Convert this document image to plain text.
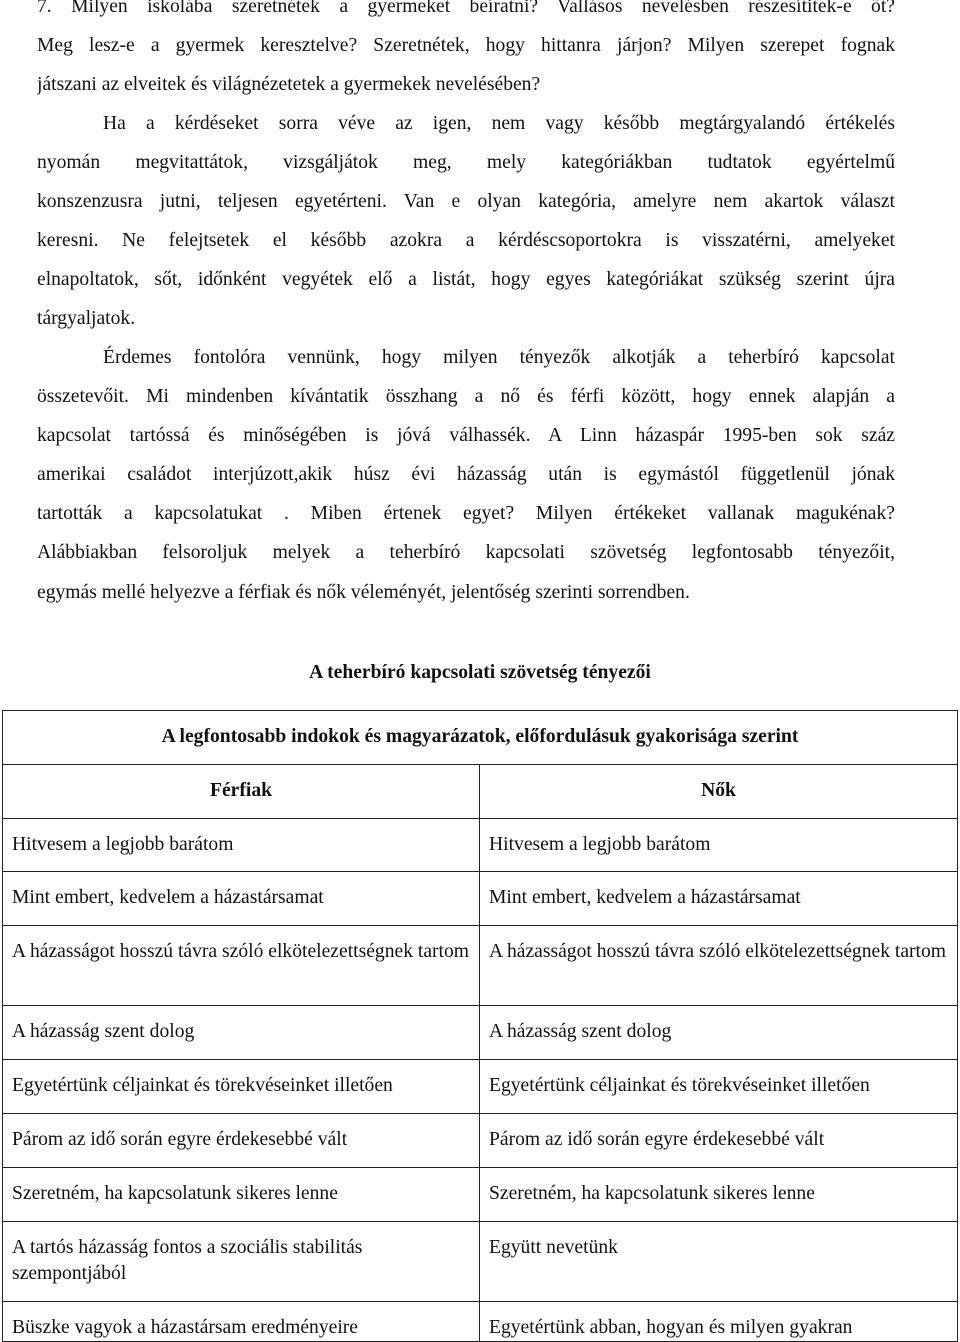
7. Milyen iskolába szeretnétek a gyermeket beíratni? Vallásos nevelésben részesítitek-e őt?
Meg lesz-e a gyermek keresztelve? Szeretnétek, hogy hittanra járjon? Milyen szerepet fognak
játszani az elveitek és világnézetetek a gyermekek nevelésében?
Ha a kérdéseket sorra véve az igen, nem vagy később megtárgyalandó értékelés
nyomán megvitattátok, vizsgáljátok meg, mely kategóriákban tudtatok egyértelmű
konszenzusra jutni, teljesen egyetérteni. Van e olyan kategória, amelyre nem akartok választ
keresni. Ne felejtsetek el később azokra a kérdéscsoportokra is visszatérni, amelyeket
elnapoltatok, sőt, időnként vegyétek elő a listát, hogy egyes kategóriákat szükség szerint újra
tárgyaljatok.
Érdemes fontolóra vennünk, hogy milyen tényezők alkotják a teherbíró kapcsolat
összetevőit. Mi mindenben kívántatik összhang a nő és férfi között, hogy ennek alapján a
kapcsolat tartóssá és minőségében is jóvá válhassék. A Linn házaspár 1995-ben sok száz
amerikai családot interjúzott,akik húsz évi házasság után is egymástól függetlenül jónak
tartották a kapcsolatukat . Miben értenek egyet? Milyen értékeket vallanak magukénak?
Alábbiakban felsoroljuk melyek a teherbíró kapcsolati szövetség legfontosabb tényezőit,
egymás mellé helyezve a férfiak és nők véleményét, jelentőség szerinti sorrendben.
A teherbíró kapcsolati szövetség tényezői
A legfontosabb indokok és magyarázatok, előfordulásuk gyakorisága szerint	
Férfiak	Nők
Hitvesem a legjobb barátom	Hitvesem a legjobb barátom
Mint embert, kedvelem a házastársamat	Mint embert, kedvelem a házastársamat
A házasságot hosszú távra szóló elkötelezettségnek tartom	A házasságot hosszú távra szóló elkötelezettségnek tartom
A házasság szent dolog	A házasság szent dolog
Egyetértünk céljainkat és törekvéseinket illetően	Egyetértünk céljainkat és törekvéseinket illetően
Párom az idő során egyre érdekesebbé vált	Párom az idő során egyre érdekesebbé vált
Szeretném, ha kapcsolatunk sikeres lenne	Szeretném, ha kapcsolatunk sikeres lenne
A tartós házasság fontos a szociális stabilitás szempontjából	Együtt nevetünk
Büszke vagyok a házastársam eredményeire	Egyetértünk abban, hogyan és milyen gyakran
